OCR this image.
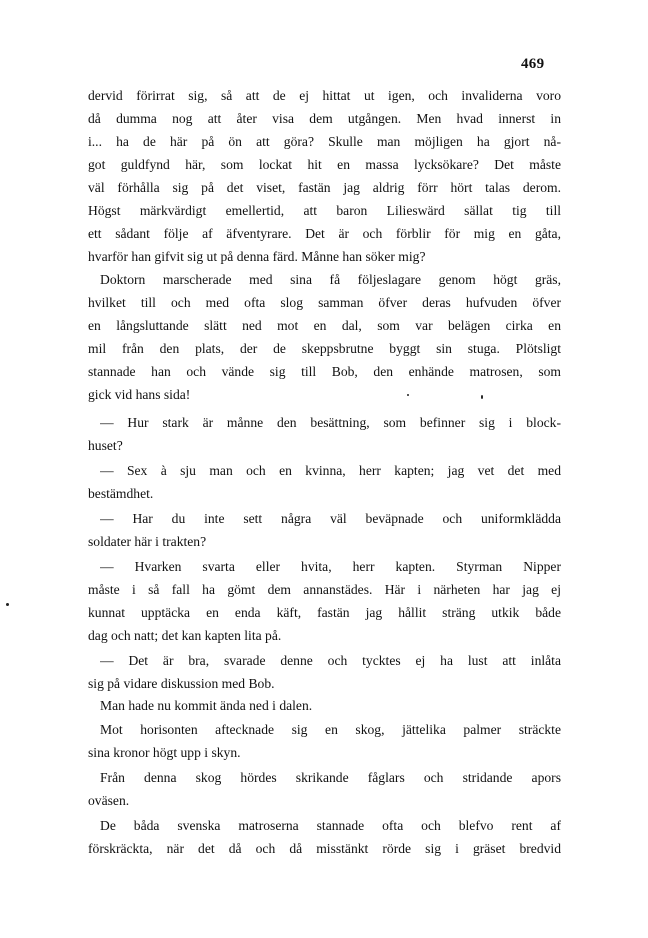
469
dervid förirrat sig, så att de ej hittat ut igen, och invaliderna voro
då dumma nog att åter visa dem utgången. Men hvad innerst in
i... ha de här på ön att göra? Skulle man möjligen ha gjort nå-
got guldfynd här, som lockat hit en massa lycksökare? Det måste
väl förhålla sig på det viset, fastän jag aldrig förr hört talas derom.
Högst märkvärdigt emellertid, att baron Lilieswärd sällat tig till
ett sådant följe af äfventyrare. Det är och förblir för mig en gåta,
hvarför han gifvit sig ut på denna färd. Månne han söker mig?
Doktorn marscherade med sina få följeslagare genom högt gräs,
hvilket till och med ofta slog samman öfver deras hufvuden öfver
en långsluttande slätt ned mot en dal, som var belägen cirka en
mil från den plats, der de skeppsbrutne byggt sin stuga. Plötsligt
stannade han och vände sig till Bob, den enhände matrosen, som
gick vid hans sida!
— Hur stark är månne den besättning, som befinner sig i block-
huset?
— Sex à sju man och en kvinna, herr kapten; jag vet det med
bestämdhet.
— Har du inte sett några väl beväpnade och uniformklädda
soldater här i trakten?
— Hvarken svarta eller hvita, herr kapten. Styrman Nipper
måste i så fall ha gömt dem annanstädes. Här i närheten har jag ej
kunnat upptäcka en enda käft, fastän jag hållit sträng utkik både
dag och natt; det kan kapten lita på.
— Det är bra, svarade denne och tycktes ej ha lust att inlåta
sig på vidare diskussion med Bob.
Man hade nu kommit ända ned i dalen.
Mot horisonten aftecknade sig en skog, jättelika palmer sträckte
sina kronor högt upp i skyn.
Från denna skog hördes skrikande fåglars och stridande apors
oväsen.
De båda svenska matroserna stannade ofta och blefvo rent af
förskräckta, när det då och då misstänkt rörde sig i gräset bredvid
